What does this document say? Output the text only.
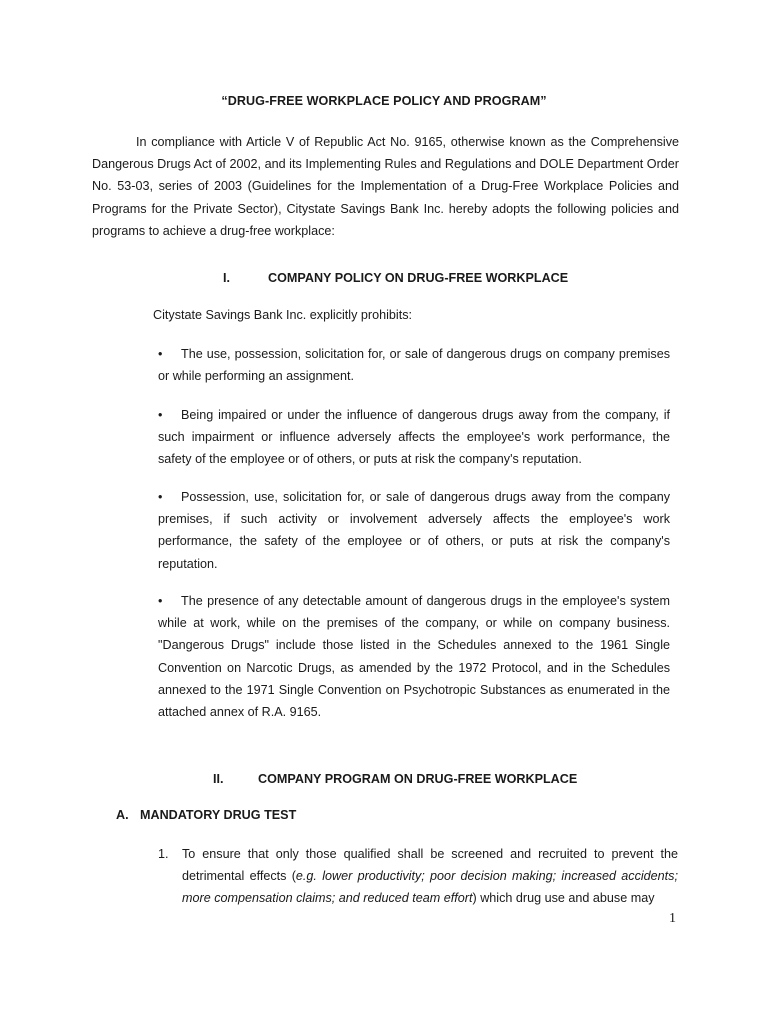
“DRUG-FREE WORKPLACE POLICY AND PROGRAM”

In compliance with Article V of Republic Act No. 9165, otherwise known as the Comprehensive Dangerous Drugs Act of 2002, and its Implementing Rules and Regulations and DOLE Department Order No. 53-03, series of 2003 (Guidelines for the Implementation of a Drug-Free Workplace Policies and Programs for the Private Sector), Citystate Savings Bank Inc. hereby adopts the following policies and programs to achieve a drug-free workplace:

I.	COMPANY POLICY ON DRUG-FREE WORKPLACE
Citystate Savings Bank Inc. explicitly prohibits:

• The use, possession, solicitation for, or sale of dangerous drugs on company premises or while performing an assignment.

• Being impaired or under the influence of dangerous drugs away from the company, if such impairment or influence adversely affects the employee's work performance, the safety of the employee or of others, or puts at risk the company's reputation.

• Possession, use, solicitation for, or sale of dangerous drugs away from the company premises, if such activity or involvement adversely affects the employee's work performance, the safety of the employee or of others, or puts at risk the company's reputation.

• The presence of any detectable amount of dangerous drugs in the employee's system while at work, while on the premises of the company, or while on company business. "Dangerous Drugs" include those listed in the Schedules annexed to the 1961 Single Convention on Narcotic Drugs, as amended by the 1972 Protocol, and in the Schedules annexed to the 1971 Single Convention on Psychotropic Substances as enumerated in the attached annex of R.A. 9165.

II.	COMPANY PROGRAM ON DRUG-FREE WORKPLACE
A. MANDATORY DRUG TEST
1. To ensure that only those qualified shall be screened and recruited to prevent the detrimental effects (e.g. lower productivity; poor decision making; increased accidents; more compensation claims; and reduced team effort) which drug use and abuse may
1
